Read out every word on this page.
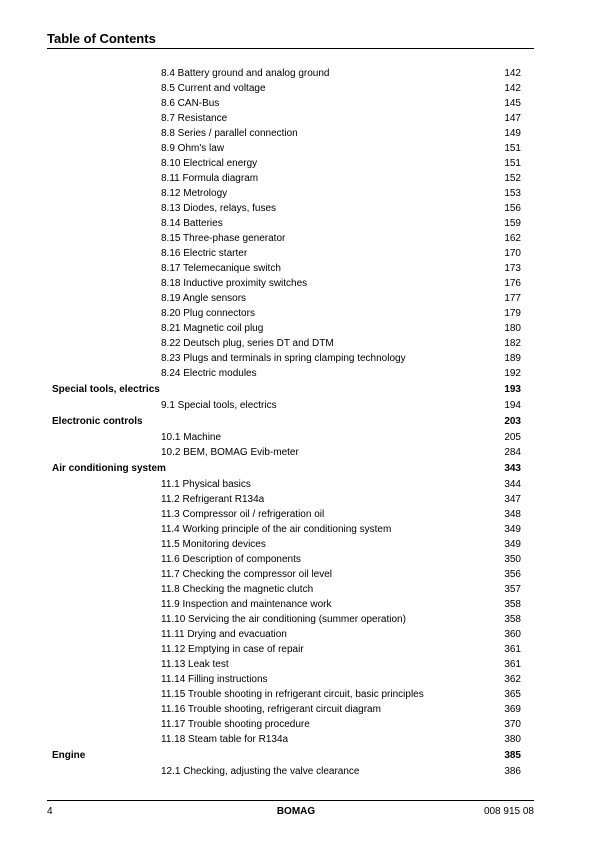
Table of Contents
8.4 Battery ground and analog ground	142
8.5 Current and voltage	142
8.6 CAN-Bus	145
8.7 Resistance	147
8.8 Series / parallel connection	149
8.9 Ohm's law	151
8.10 Electrical energy	151
8.11 Formula diagram	152
8.12 Metrology	153
8.13 Diodes, relays, fuses	156
8.14 Batteries	159
8.15 Three-phase generator	162
8.16 Electric starter	170
8.17 Telemecanique switch	173
8.18 Inductive proximity switches	176
8.19 Angle sensors	177
8.20 Plug connectors	179
8.21 Magnetic coil plug	180
8.22 Deutsch plug, series DT and DTM	182
8.23 Plugs and terminals in spring clamping technology	189
8.24 Electric modules	192
Special tools, electrics	193
9.1 Special tools, electrics	194
Electronic controls	203
10.1 Machine	205
10.2 BEM, BOMAG Evib-meter	284
Air conditioning system	343
11.1 Physical basics	344
11.2 Refrigerant R134a	347
11.3 Compressor oil / refrigeration oil	348
11.4 Working principle of the air conditioning system	349
11.5 Monitoring devices	349
11.6 Description of components	350
11.7 Checking the compressor oil level	356
11.8 Checking the magnetic clutch	357
11.9 Inspection and maintenance work	358
11.10 Servicing the air conditioning (summer operation)	358
11.11 Drying and evacuation	360
11.12 Emptying in case of repair	361
11.13 Leak test	361
11.14 Filling instructions	362
11.15 Trouble shooting in refrigerant circuit, basic principles	365
11.16 Trouble shooting, refrigerant circuit diagram	369
11.17 Trouble shooting procedure	370
11.18 Steam table for R134a	380
Engine	385
12.1 Checking, adjusting the valve clearance	386
4	BOMAG	008 915 08
